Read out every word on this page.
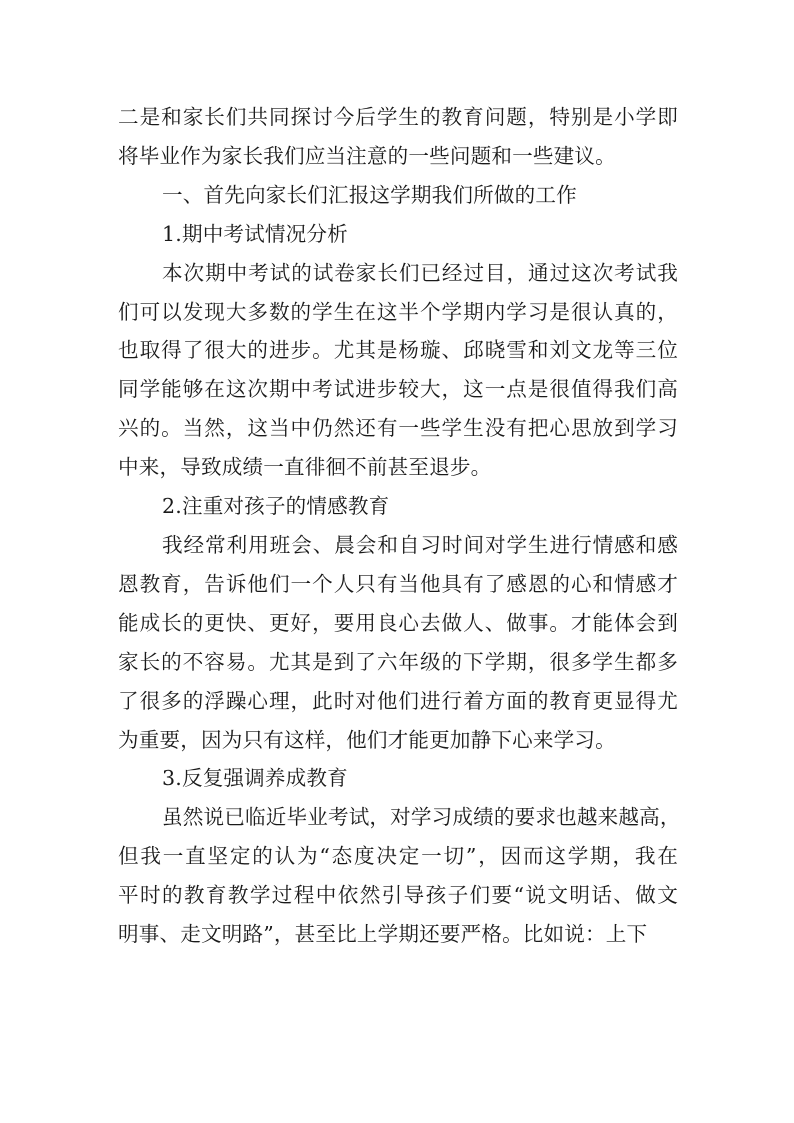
二是和家长们共同探讨今后学生的教育问题，特别是小学即
将毕业作为家长我们应当注意的一些问题和一些建议。
一、首先向家长们汇报这学期我们所做的工作
1.期中考试情况分析
本次期中考试的试卷家长们已经过目，通过这次考试我
们可以发现大多数的学生在这半个学期内学习是很认真的，
也取得了很大的进步。尤其是杨璇、邱晓雪和刘文龙等三位
同学能够在这次期中考试进步较大，这一点是很值得我们高
兴的。当然，这当中仍然还有一些学生没有把心思放到学习
中来，导致成绩一直徘徊不前甚至退步。
2.注重对孩子的情感教育
我经常利用班会、晨会和自习时间对学生进行情感和感
恩教育，告诉他们一个人只有当他具有了感恩的心和情感才
能成长的更快、更好，要用良心去做人、做事。才能体会到
家长的不容易。尤其是到了六年级的下学期，很多学生都多
了很多的浮躁心理，此时对他们进行着方面的教育更显得尤
为重要，因为只有这样，他们才能更加静下心来学习。
3.反复强调养成教育
虽然说已临近毕业考试，对学习成绩的要求也越来越高，
但我一直坚定的认为“态度决定一切”，因而这学期，我在
平时的教育教学过程中依然引导孩子们要“说文明话、做文
明事、走文明路”，甚至比上学期还要严格。比如说：上下
